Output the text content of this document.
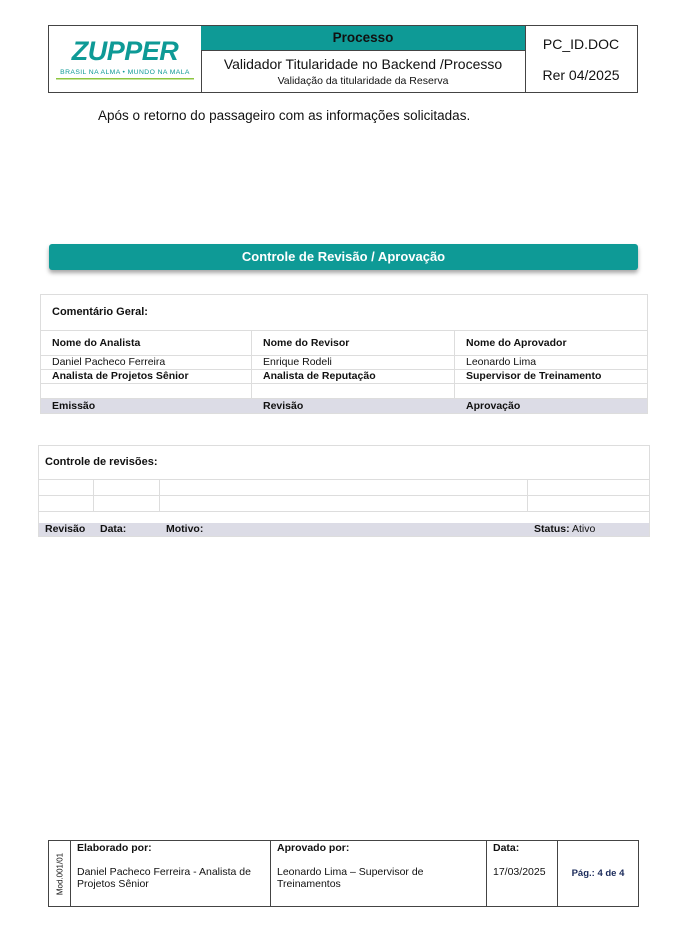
ZUPPER
BRASIL NA ALMA • MUNDO NA MALA
Processo
Validador Titularidade no Backend /Processo
Validação da titularidade da Reserva
PC_ID.DOC
Rer 04/2025
Após o retorno do passageiro com as informações solicitadas.
Controle de Revisão / Aprovação
Comentário Geral:
Nome do Analista	Nome do Revisor	Nome do Aprovador
Daniel Pacheco Ferreira	Enrique Rodeli	Leonardo Lima
Analista de Projetos Sênior	Analista de Reputação	Supervisor de Treinamento
Emissão	Revisão	Aprovação
Controle de revisões:
Revisão	Data:	Motivo:	Status: Ativo
Mod.001/01
Elaborado por:
Daniel Pacheco Ferreira - Analista de Projetos Sênior
Aprovado por:
Leonardo Lima – Supervisor de Treinamentos
Data:
17/03/2025	Pág.: 4 de 4
